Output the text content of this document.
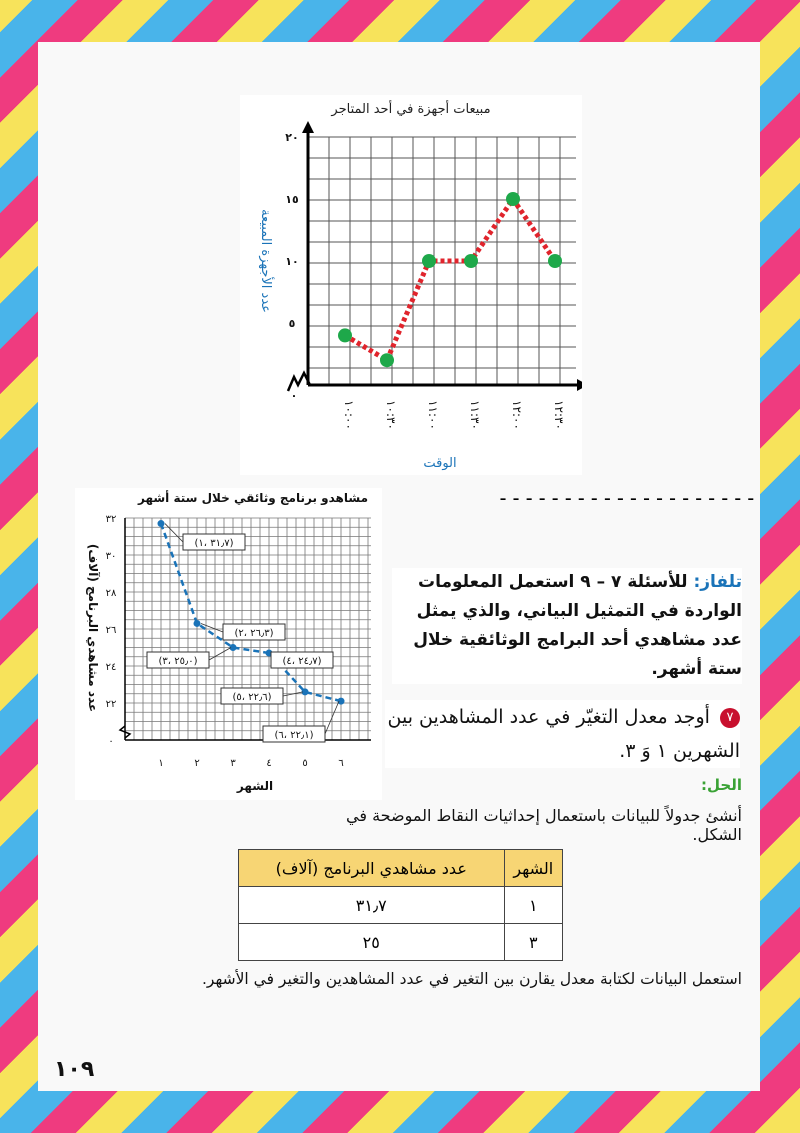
مبيعات أجهزة في أحد المتاجر
٠
٥
١٠
١٥
٢٠
١٠:٠٠ ١٠:٣٠ ١١:٠٠ ١١:٣٠ ١٢:٠٠ ١٢:٣٠
الوقت
عدد الأجهزة المبيعة
--------------------
مشاهدو برنامج وثائقي خلال ستة أشهر
٠
٢٢
٢٤
٢٦
٢٨
٣٠
٣٢
١	٢	٣	٤	٥	٦
الشهر
عدد مشاهدي البرنامج (آلاف)
(٣١٫٧ ،١)
(٢٦٫٣ ،٢)
(٢٥٫٠ ،٣)	(٢٤٫٧ ،٤)
(٢٢٫٦ ،٥)
(٢٢٫١ ،٦)
تلفاز: للأسئلة ٧ – ٩ استعمل المعلومات الواردة في التمثيل البياني، والذي يمثل عدد مشاهدي أحد البرامج الوثائقية خلال ستة أشهر.
٧ أوجد معدل التغيّر في عدد المشاهدين بين الشهرين ١ وَ ٣.
الحل:
أنشئ جدولاً للبيانات باستعمال إحداثيات النقاط الموضحة في الشكل.
الشهر	عدد مشاهدي البرنامج (آلاف)
١	٣١٫٧
٣	٢٥
استعمل البيانات لكتابة معدل يقارن بين التغير في عدد المشاهدين والتغير في الأشهر.
١٠٩
